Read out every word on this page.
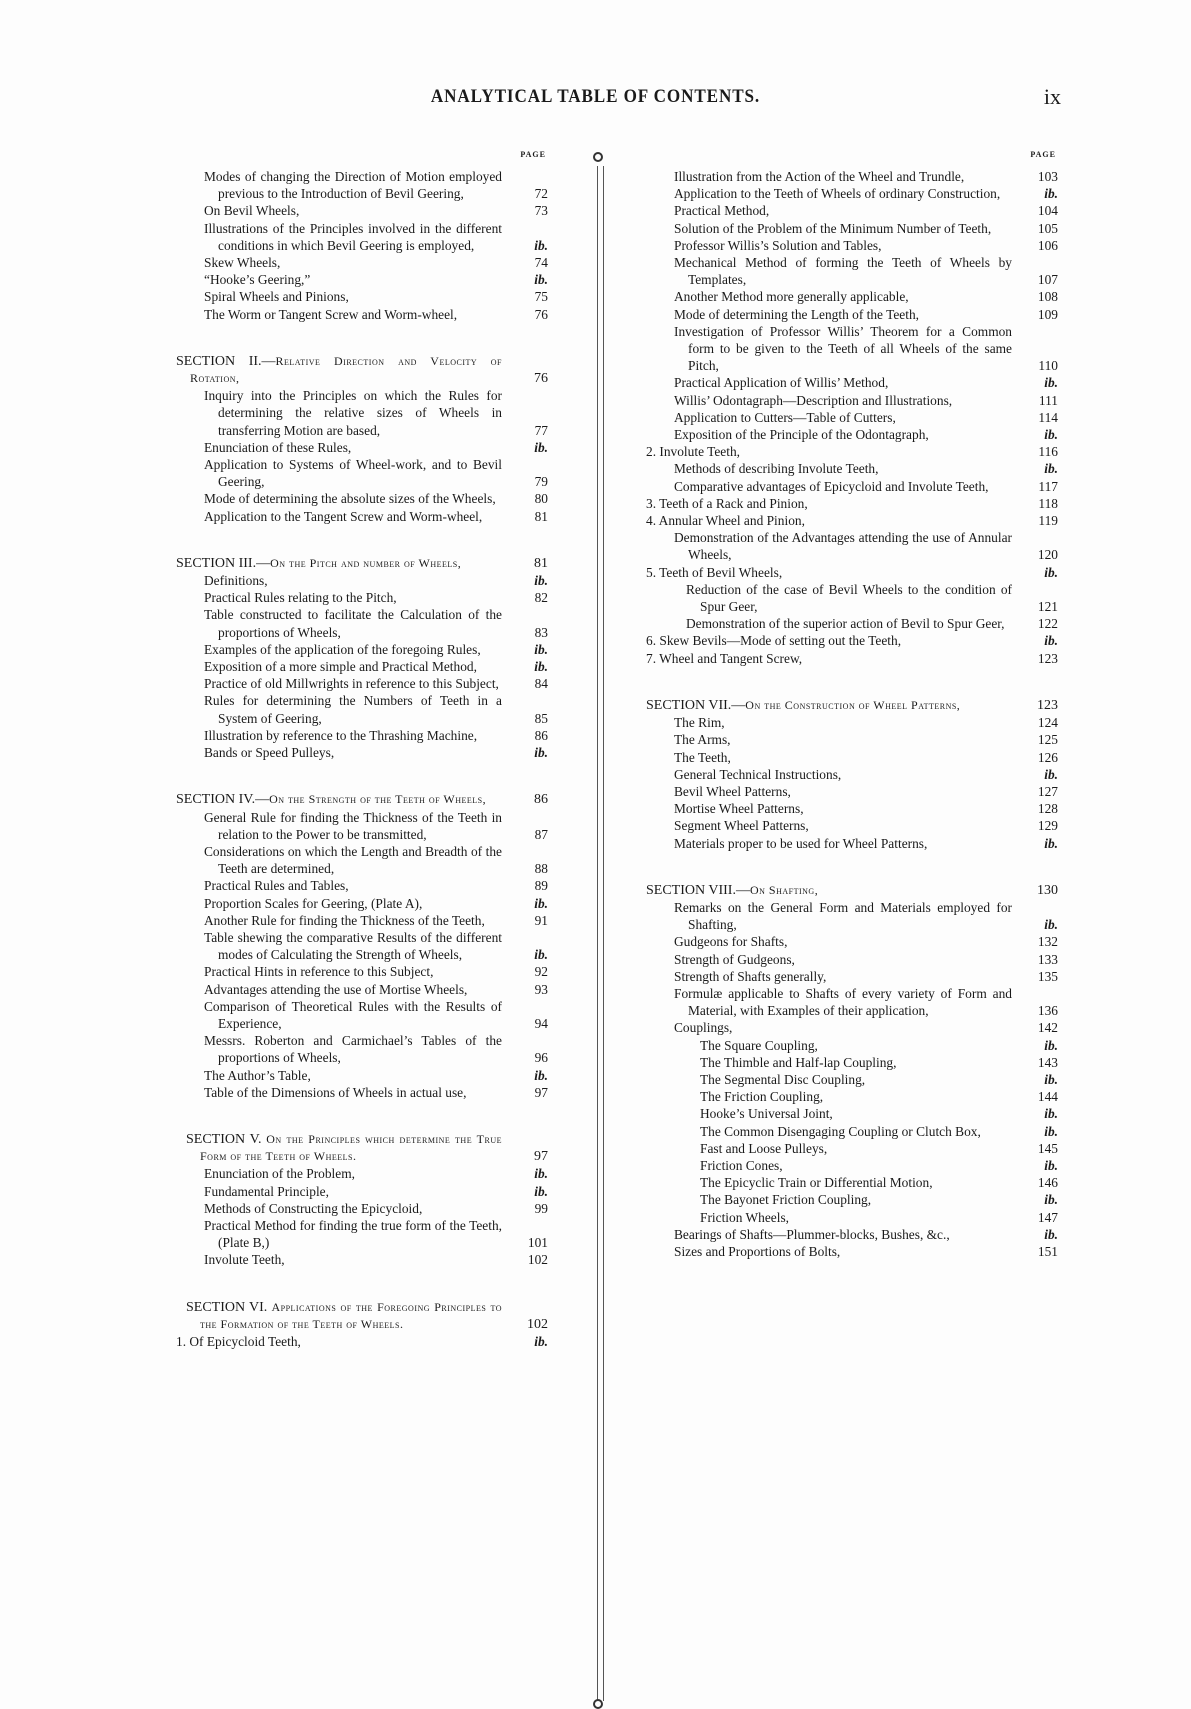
ANALYTICAL TABLE OF CONTENTS.	ix
PAGE
Modes of changing the Direction of Motion employed previous to the Introduction of Bevil Geering,	72
On Bevil Wheels,	73
Illustrations of the Principles involved in the different conditions in which Bevil Geering is employed,	ib.
Skew Wheels,	74
“Hooke’s Geering,”	ib.
Spiral Wheels and Pinions,	75
The Worm or Tangent Screw and Worm-wheel,	76
SECTION II.—Relative Direction and Velocity of Rotation,	76
Inquiry into the Principles on which the Rules for determining the relative sizes of Wheels in transferring Motion are based,	77
Enunciation of these Rules,	ib.
Application to Systems of Wheel-work, and to Bevil Geering,	79
Mode of determining the absolute sizes of the Wheels,	80
Application to the Tangent Screw and Worm-wheel,	81
SECTION III.—On the Pitch and number of Wheels,	81
Definitions,	ib.
Practical Rules relating to the Pitch,	82
Table constructed to facilitate the Calculation of the proportions of Wheels,	83
Examples of the application of the foregoing Rules,	ib.
Exposition of a more simple and Practical Method,	ib.
Practice of old Millwrights in reference to this Subject,	84
Rules for determining the Numbers of Teeth in a System of Geering,	85
Illustration by reference to the Thrashing Machine,	86
Bands or Speed Pulleys,	ib.
SECTION IV.—On the Strength of the Teeth of Wheels,	86
General Rule for finding the Thickness of the Teeth in relation to the Power to be transmitted,	87
Considerations on which the Length and Breadth of the Teeth are determined,	88
Practical Rules and Tables,	89
Proportion Scales for Geering, (Plate A),	ib.
Another Rule for finding the Thickness of the Teeth,	91
Table shewing the comparative Results of the different modes of Calculating the Strength of Wheels,	ib.
Practical Hints in reference to this Subject,	92
Advantages attending the use of Mortise Wheels,	93
Comparison of Theoretical Rules with the Results of Experience,	94
Messrs. Roberton and Carmichael’s Tables of the proportions of Wheels,	96
The Author’s Table,	ib.
Table of the Dimensions of Wheels in actual use,	97
SECTION V. On the Principles which determine the True Form of the Teeth of Wheels.	97
Enunciation of the Problem,	ib.
Fundamental Principle,	ib.
Methods of Constructing the Epicycloid,	99
Practical Method for finding the true form of the Teeth, (Plate B,)	101
Involute Teeth,	102
SECTION VI. Applications of the Foregoing Principles to the Formation of the Teeth of Wheels.	102
1. Of Epicycloid Teeth,	ib.
PAGE
Illustration from the Action of the Wheel and Trundle,	103
Application to the Teeth of Wheels of ordinary Construction,	ib.
Practical Method,	104
Solution of the Problem of the Minimum Number of Teeth,	105
Professor Willis’s Solution and Tables,	106
Mechanical Method of forming the Teeth of Wheels by Templates,	107
Another Method more generally applicable,	108
Mode of determining the Length of the Teeth,	109
Investigation of Professor Willis’ Theorem for a Common form to be given to the Teeth of all Wheels of the same Pitch,	110
Practical Application of Willis’ Method,	ib.
Willis’ Odontagraph—Description and Illustrations,	111
Application to Cutters—Table of Cutters,	114
Exposition of the Principle of the Odontagraph,	ib.
2. Involute Teeth,	116
Methods of describing Involute Teeth,	ib.
Comparative advantages of Epicycloid and Involute Teeth,	117
3. Teeth of a Rack and Pinion,	118
4. Annular Wheel and Pinion,	119
Demonstration of the Advantages attending the use of Annular Wheels,	120
5. Teeth of Bevil Wheels,	ib.
Reduction of the case of Bevil Wheels to the condition of Spur Geer,	121
Demonstration of the superior action of Bevil to Spur Geer,	122
6. Skew Bevils—Mode of setting out the Teeth,	ib.
7. Wheel and Tangent Screw,	123
SECTION VII.—On the Construction of Wheel Patterns,	123
The Rim,	124
The Arms,	125
The Teeth,	126
General Technical Instructions,	ib.
Bevil Wheel Patterns,	127
Mortise Wheel Patterns,	128
Segment Wheel Patterns,	129
Materials proper to be used for Wheel Patterns,	ib.
SECTION VIII.—On Shafting,	130
Remarks on the General Form and Materials employed for Shafting,	ib.
Gudgeons for Shafts,	132
Strength of Gudgeons,	133
Strength of Shafts generally,	135
Formulæ applicable to Shafts of every variety of Form and Material, with Examples of their application,	136
Couplings,	142
The Square Coupling,	ib.
The Thimble and Half-lap Coupling,	143
The Segmental Disc Coupling,	ib.
The Friction Coupling,	144
Hooke’s Universal Joint,	ib.
The Common Disengaging Coupling or Clutch Box,	ib.
Fast and Loose Pulleys,	145
Friction Cones,	ib.
The Epicyclic Train or Differential Motion,	146
The Bayonet Friction Coupling,	ib.
Friction Wheels,	147
Bearings of Shafts—Plummer-blocks, Bushes, &c.,	ib.
Sizes and Proportions of Bolts,	151
